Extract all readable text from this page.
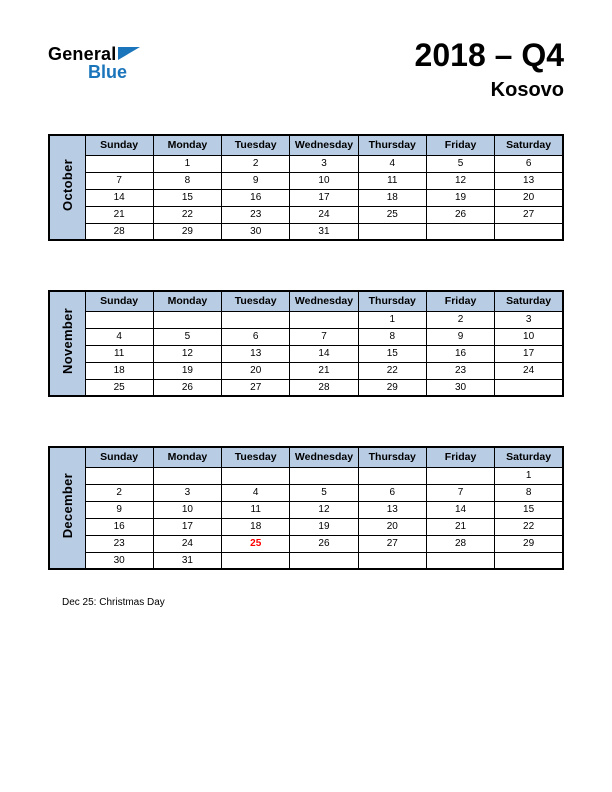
General
Blue	2018 – Q4
Kosovo
October	Sunday	Monday	Tuesday	Wednesday	Thursday	Friday	Saturday
		1	2	3	4	5	6
	7	8	9	10	11	12	13
	14	15	16	17	18	19	20
	21	22	23	24	25	26	27
	28	29	30	31			
November	Sunday	Monday	Tuesday	Wednesday	Thursday	Friday	Saturday
					1	2	3
	4	5	6	7	8	9	10
	11	12	13	14	15	16	17
	18	19	20	21	22	23	24
	25	26	27	28	29	30	
December	Sunday	Monday	Tuesday	Wednesday	Thursday	Friday	Saturday
							1
	2	3	4	5	6	7	8
	9	10	11	12	13	14	15
	16	17	18	19	20	21	22
	23	24	25	26	27	28	29
	30	31					
Dec 25: Christmas Day
